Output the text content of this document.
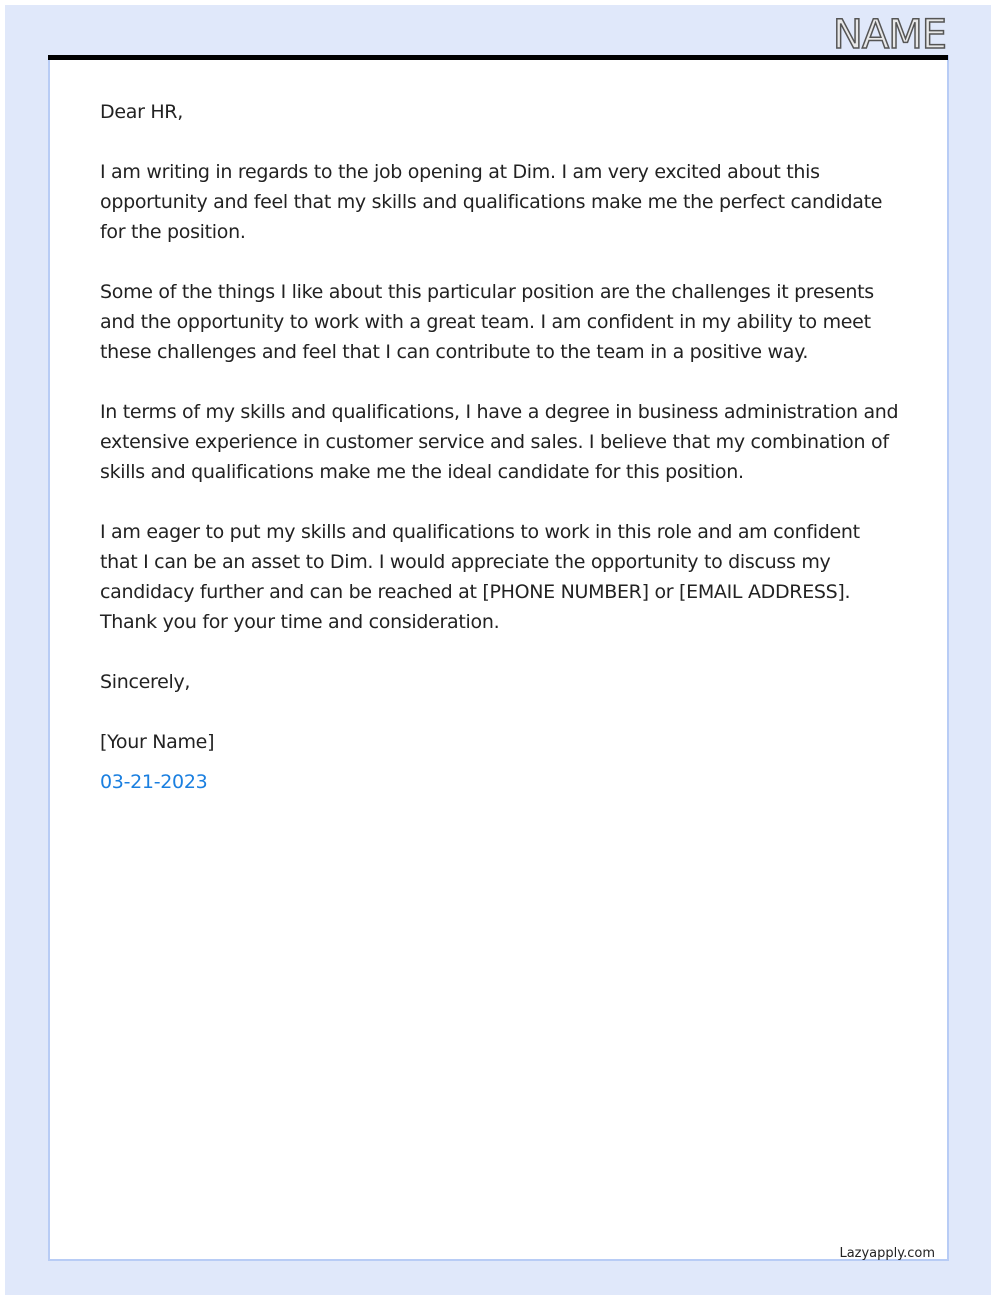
NAME

Dear HR,

I am writing in regards to the job opening at Dim. I am very excited about this opportunity and feel that my skills and qualifications make me the perfect candidate for the position.

Some of the things I like about this particular position are the challenges it presents and the opportunity to work with a great team. I am confident in my ability to meet these challenges and feel that I can contribute to the team in a positive way.

In terms of my skills and qualifications, I have a degree in business administration and extensive experience in customer service and sales. I believe that my combination of skills and qualifications make me the ideal candidate for this position.

I am eager to put my skills and qualifications to work in this role and am confident that I can be an asset to Dim. I would appreciate the opportunity to discuss my candidacy further and can be reached at [PHONE NUMBER] or [EMAIL ADDRESS]. Thank you for your time and consideration.

Sincerely,

[Your Name]

03-21-2023

Lazyapply.com
